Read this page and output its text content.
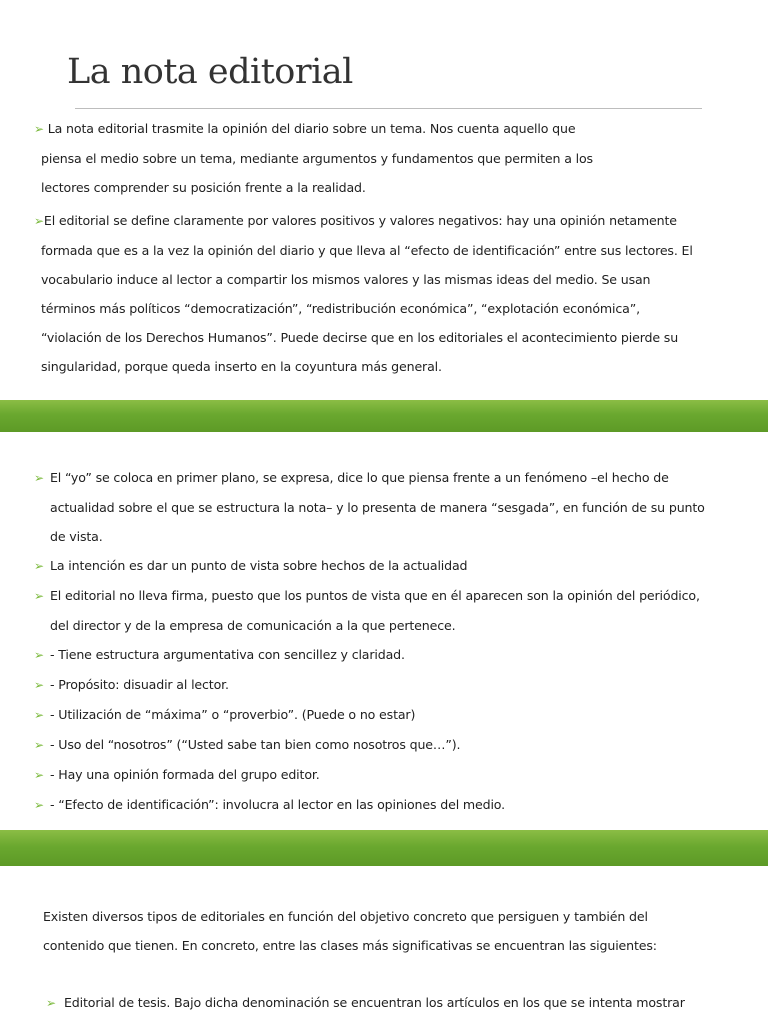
La nota editorial
➢ La nota editorial trasmite la opinión del diario sobre un tema. Nos cuenta aquello que
piensa el medio sobre un tema, mediante argumentos y fundamentos que permiten a los
lectores comprender su posición frente a la realidad.
➢El editorial se define claramente por valores positivos y valores negativos: hay una opinión netamente
formada que es a la vez la opinión del diario y que lleva al “efecto de identificación” entre sus lectores. El
vocabulario induce al lector a compartir los mismos valores y las mismas ideas del medio. Se usan
términos más políticos “democratización”, “redistribución económica”, “explotación económica”,
“violación de los Derechos Humanos”. Puede decirse que en los editoriales el acontecimiento pierde su
singularidad, porque queda inserto en la coyuntura más general.
➢ El “yo” se coloca en primer plano, se expresa, dice lo que piensa frente a un fenómeno –el hecho de
actualidad sobre el que se estructura la nota– y lo presenta de manera “sesgada”, en función de su punto
de vista.
➢ La intención es dar un punto de vista sobre hechos de la actualidad
➢ El editorial no lleva firma, puesto que los puntos de vista que en él aparecen son la opinión del periódico,
del director y de la empresa de comunicación a la que pertenece.
➢ - Tiene estructura argumentativa con sencillez y claridad.
➢ - Propósito: disuadir al lector.
➢ - Utilización de “máxima” o “proverbio”. (Puede o no estar)
➢ - Uso del “nosotros” (“Usted sabe tan bien como nosotros que…”).
➢ - Hay una opinión formada del grupo editor.
➢ - “Efecto de identificación”: involucra al lector en las opiniones del medio.
Existen diversos tipos de editoriales en función del objetivo concreto que persiguen y también del
contenido que tienen. En concreto, entre las clases más significativas se encuentran las siguientes:
➢ Editorial de tesis. Bajo dicha denominación se encuentran los artículos en los que se intenta mostrar
